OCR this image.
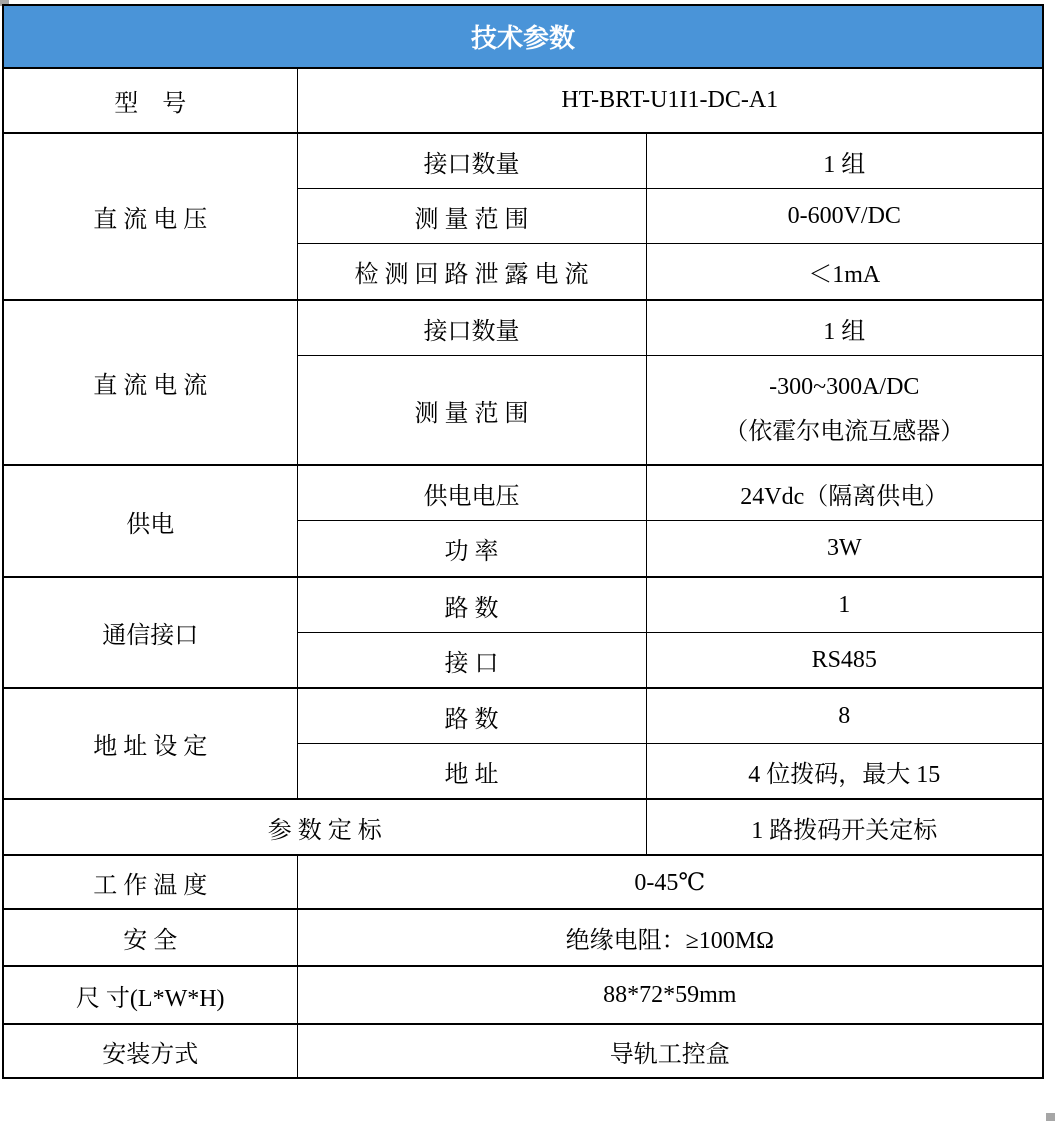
技术参数		
型　号	HT-BRT-U1I1-DC-A1	
直 流 电 压	接口数量	1 组
	测 量 范 围	0-600V/DC
	检 测 回 路 泄 露 电 流	＜1mA
直 流 电 流	接口数量	1 组
	测 量 范 围	-300~300A/DC
（依霍尔电流互感器）

供电	供电电压	24Vdc（隔离供电）
	功 率	3W
通信接口	路 数	1
	接 口	RS485
地 址 设 定	路 数	8
	地 址	4 位拨码，最大 15
参 数 定 标		1 路拨码开关定标
工 作 温 度	0-45℃	
安 全	绝缘电阻：≥100MΩ	
尺 寸(L*W*H)	88*72*59mm	
安装方式	导轨工控盒	
